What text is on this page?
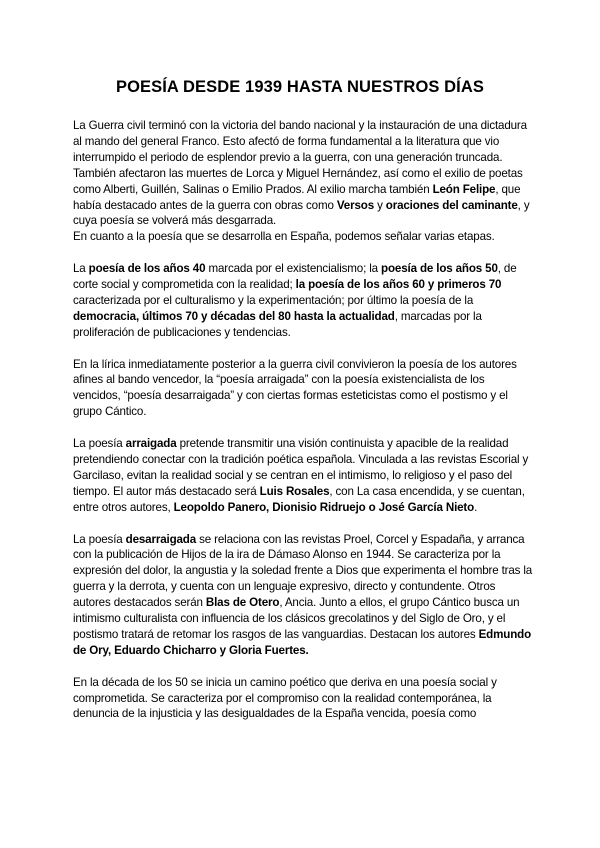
POESÍA DESDE 1939 HASTA NUESTROS DÍAS

La Guerra civil terminó con la victoria del bando nacional y la instauración de una dictadura al mando del general Franco. Esto afectó de forma fundamental a la literatura que vio interrumpido el periodo de esplendor previo a la guerra, con una generación truncada. También afectaron las muertes de Lorca y Miguel Hernández, así como el exilio de poetas como Alberti, Guillén, Salinas o Emilio Prados. Al exilio marcha también León Felipe, que había destacado antes de la guerra con obras como Versos y oraciones del caminante, y cuya poesía se volverá más desgarrada.

En cuanto a la poesía que se desarrolla en España, podemos señalar varias etapas.

La poesía de los años 40 marcada por el existencialismo; la poesía de los años 50, de corte social y comprometida con la realidad; la poesía de los años 60 y primeros 70 caracterizada por el culturalismo y la experimentación; por último la poesía de la democracia, últimos 70 y décadas del 80 hasta la actualidad, marcadas por la proliferación de publicaciones y tendencias.

En la lírica inmediatamente posterior a la guerra civil convivieron la poesía de los autores afines al bando vencedor, la “poesía arraigada” con la poesía existencialista de los vencidos, “poesía desarraigada” y con ciertas formas esteticistas como el postismo y el grupo Cántico.

La poesía arraigada pretende transmitir una visión continuista y apacible de la realidad pretendiendo conectar con la tradición poética española. Vinculada a las revistas Escorial y Garcilaso, evitan la realidad social y se centran en el intimismo, lo religioso y el paso del tiempo. El autor más destacado será Luis Rosales, con La casa encendida, y se cuentan, entre otros autores, Leopoldo Panero, Dionisio Ridruejo o José García Nieto.

La poesía desarraigada se relaciona con las revistas Proel, Corcel y Espadaña, y arranca con la publicación de Hijos de la ira de Dámaso Alonso en 1944. Se caracteriza por la expresión del dolor, la angustia y la soledad frente a Dios que experimenta el hombre tras la guerra y la derrota, y cuenta con un lenguaje expresivo, directo y contundente. Otros autores destacados serán Blas de Otero, Ancia. Junto a ellos, el grupo Cántico busca un intimismo culturalista con influencia de los clásicos grecolatinos y del Siglo de Oro, y el postismo tratará de retomar los rasgos de las vanguardias. Destacan los autores Edmundo de Ory, Eduardo Chicharro y Gloria Fuertes.

En la década de los 50 se inicia un camino poético que deriva en una poesía social y comprometida. Se caracteriza por el compromiso con la realidad contemporánea, la denuncia de la injusticia y las desigualdades de la España vencida, poesía como
